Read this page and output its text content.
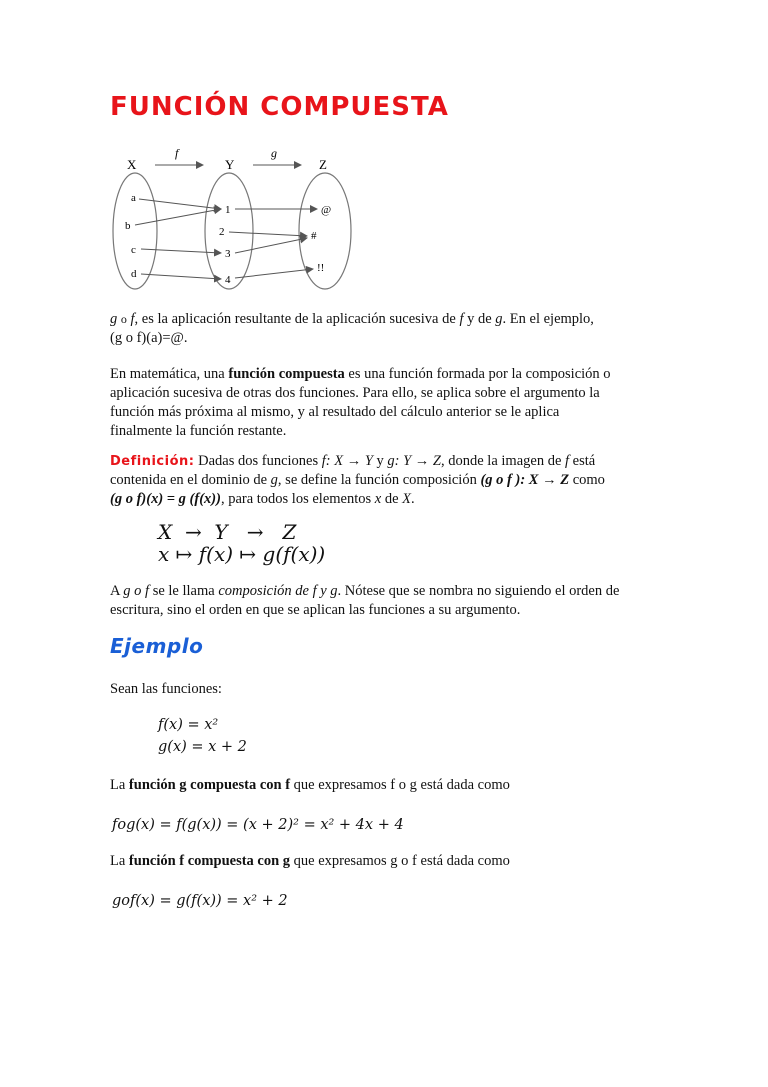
FUNCIÓN COMPUESTA
X	Y	Z
f	g
a
b
c
d
1
2
3
4
@
#
!!
g o f, es la aplicación resultante de la aplicación sucesiva de f y de g. En el ejemplo,
(g o f)(a)=@.
En matemática, una función compuesta es una función formada por la composición o
aplicación sucesiva de otras dos funciones. Para ello, se aplica sobre el argumento la
función más próxima al mismo, y al resultado del cálculo anterior se le aplica
finalmente la función restante.
Definición: Dadas dos funciones f: X → Y y g: Y → Z, donde la imagen de f está
contenida en el dominio de g, se define la función composición (g o f ): X → Z como
(g o f)(x) = g (f(x)), para todos los elementos x de X.
X  →  Y   →   Z
x ↦ f(x) ↦ g(f(x))
A g o f se le llama composición de f y g. Nótese que se nombra no siguiendo el orden de
escritura, sino el orden en que se aplican las funciones a su argumento.
Ejemplo
Sean las funciones:
f(x) = x²
g(x) = x + 2
La función g compuesta con f que expresamos f o g está dada como
fog(x) = f(g(x)) = (x + 2)² = x² + 4x + 4
La función f compuesta con g que expresamos g o f está dada como
gof(x) = g(f(x)) = x² + 2
